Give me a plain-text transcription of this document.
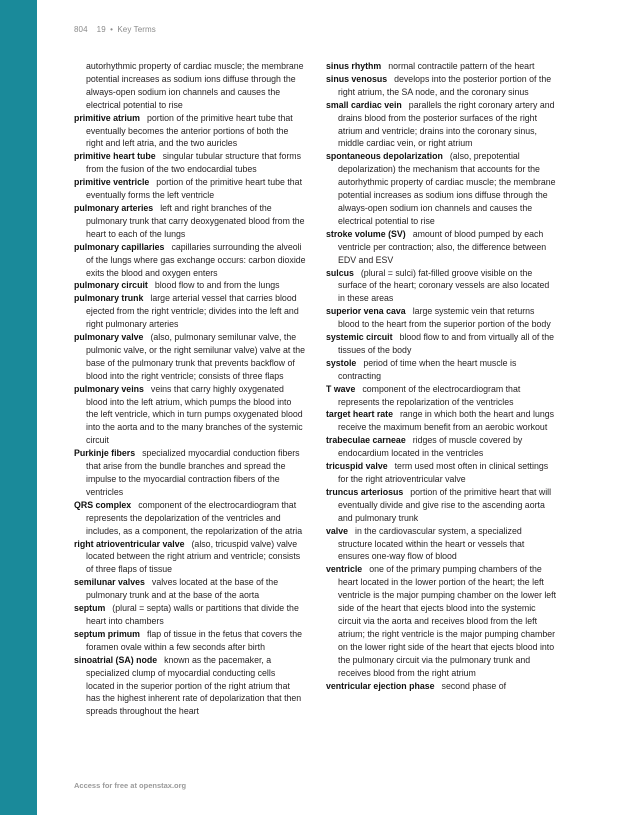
804 19 • Key Terms

autorhythmic property of cardiac muscle; the membrane potential increases as sodium ions diffuse through the always-open sodium ion channels and causes the electrical potential to rise

primitive atrium portion of the primitive heart tube that eventually becomes the anterior portions of both the right and left atria, and the two auricles

primitive heart tube singular tubular structure that forms from the fusion of the two endocardial tubes

primitive ventricle portion of the primitive heart tube that eventually forms the left ventricle

pulmonary arteries left and right branches of the pulmonary trunk that carry deoxygenated blood from the heart to each of the lungs

pulmonary capillaries capillaries surrounding the alveoli of the lungs where gas exchange occurs: carbon dioxide exits the blood and oxygen enters

pulmonary circuit blood flow to and from the lungs

pulmonary trunk large arterial vessel that carries blood ejected from the right ventricle; divides into the left and right pulmonary arteries

pulmonary valve (also, pulmonary semilunar valve, the pulmonic valve, or the right semilunar valve) valve at the base of the pulmonary trunk that prevents backflow of blood into the right ventricle; consists of three flaps

pulmonary veins veins that carry highly oxygenated blood into the left atrium, which pumps the blood into the left ventricle, which in turn pumps oxygenated blood into the aorta and to the many branches of the systemic circuit

Purkinje fibers specialized myocardial conduction fibers that arise from the bundle branches and spread the impulse to the myocardial contraction fibers of the ventricles

QRS complex component of the electrocardiogram that represents the depolarization of the ventricles and includes, as a component, the repolarization of the atria

right atrioventricular valve (also, tricuspid valve) valve located between the right atrium and ventricle; consists of three flaps of tissue

semilunar valves valves located at the base of the pulmonary trunk and at the base of the aorta

septum (plural = septa) walls or partitions that divide the heart into chambers

septum primum flap of tissue in the fetus that covers the foramen ovale within a few seconds after birth

sinoatrial (SA) node known as the pacemaker, a specialized clump of myocardial conducting cells located in the superior portion of the right atrium that has the highest inherent rate of depolarization that then spreads throughout the heart

sinus rhythm normal contractile pattern of the heart

sinus venosus develops into the posterior portion of the right atrium, the SA node, and the coronary sinus

small cardiac vein parallels the right coronary artery and drains blood from the posterior surfaces of the right atrium and ventricle; drains into the coronary sinus, middle cardiac vein, or right atrium

spontaneous depolarization (also, prepotential depolarization) the mechanism that accounts for the autorhythmic property of cardiac muscle; the membrane potential increases as sodium ions diffuse through the always-open sodium ion channels and causes the electrical potential to rise

stroke volume (SV) amount of blood pumped by each ventricle per contraction; also, the difference between EDV and ESV

sulcus (plural = sulci) fat-filled groove visible on the surface of the heart; coronary vessels are also located in these areas

superior vena cava large systemic vein that returns blood to the heart from the superior portion of the body

systemic circuit blood flow to and from virtually all of the tissues of the body

systole period of time when the heart muscle is contracting

T wave component of the electrocardiogram that represents the repolarization of the ventricles

target heart rate range in which both the heart and lungs receive the maximum benefit from an aerobic workout

trabeculae carneae ridges of muscle covered by endocardium located in the ventricles

tricuspid valve term used most often in clinical settings for the right atrioventricular valve

truncus arteriosus portion of the primitive heart that will eventually divide and give rise to the ascending aorta and pulmonary trunk

valve in the cardiovascular system, a specialized structure located within the heart or vessels that ensures one-way flow of blood

ventricle one of the primary pumping chambers of the heart located in the lower portion of the heart; the left ventricle is the major pumping chamber on the lower left side of the heart that ejects blood into the systemic circuit via the aorta and receives blood from the left atrium; the right ventricle is the major pumping chamber on the lower right side of the heart that ejects blood into the pulmonary circuit via the pulmonary trunk and receives blood from the right atrium

ventricular ejection phase second phase of

Access for free at openstax.org
